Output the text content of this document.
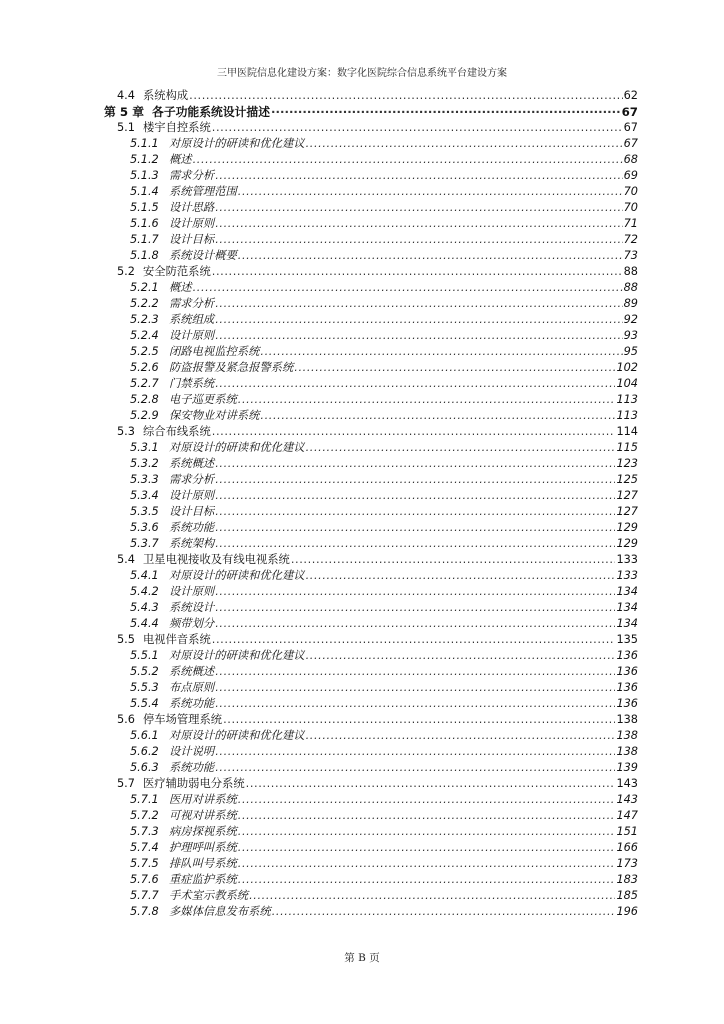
三甲医院信息化建设方案：数字化医院综合信息系统平台建设方案
4.4 系统构成 .....	62
第 5 章 各子功能系统设计描述 ·····	67
5.1 楼宇自控系统 .....	67
5.1.1 对原设计的研读和优化建议 .....	67
5.1.2 概述 .....	68
5.1.3 需求分析 .....	69
5.1.4 系统管理范围 .....	70
5.1.5 设计思路 .....	70
5.1.6 设计原则 .....	71
5.1.7 设计目标 .....	72
5.1.8 系统设计概要 .....	73
5.2 安全防范系统 .....	88
5.2.1 概述 .....	88
5.2.2 需求分析 .....	89
5.2.3 系统组成 .....	92
5.2.4 设计原则 .....	93
5.2.5 闭路电视监控系统 .....	95
5.2.6 防盗报警及紧急报警系统 .....	102
5.2.7 门禁系统 .....	104
5.2.8 电子巡更系统 .....	113
5.2.9 保安物业对讲系统 .....	113
5.3 综合布线系统 .....	114
5.3.1 对原设计的研读和优化建议 .....	115
5.3.2 系统概述 .....	123
5.3.3 需求分析 .....	125
5.3.4 设计原则 .....	127
5.3.5 设计目标 .....	127
5.3.6 系统功能 .....	129
5.3.7 系统架构 .....	129
5.4 卫星电视接收及有线电视系统 .....	133
5.4.1 对原设计的研读和优化建议 .....	133
5.4.2 设计原则 .....	134
5.4.3 系统设计 .....	134
5.4.4 频带划分 .....	134
5.5 电视伴音系统 .....	135
5.5.1 对原设计的研读和优化建议 .....	136
5.5.2 系统概述 .....	136
5.5.3 布点原则 .....	136
5.5.4 系统功能 .....	136
5.6 停车场管理系统 .....	138
5.6.1 对原设计的研读和优化建议 .....	138
5.6.2 设计说明 .....	138
5.6.3 系统功能 .....	139
5.7 医疗辅助弱电分系统 .....	143
5.7.1 医用对讲系统 .....	143
5.7.2 可视对讲系统 .....	147
5.7.3 病房探视系统 .....	151
5.7.4 护理呼叫系统 .....	166
5.7.5 排队叫号系统 .....	173
5.7.6 重症监护系统 .....	183
5.7.7 手术室示教系统 .....	185
5.7.8 多媒体信息发布系统 .....	196
第 B 页
